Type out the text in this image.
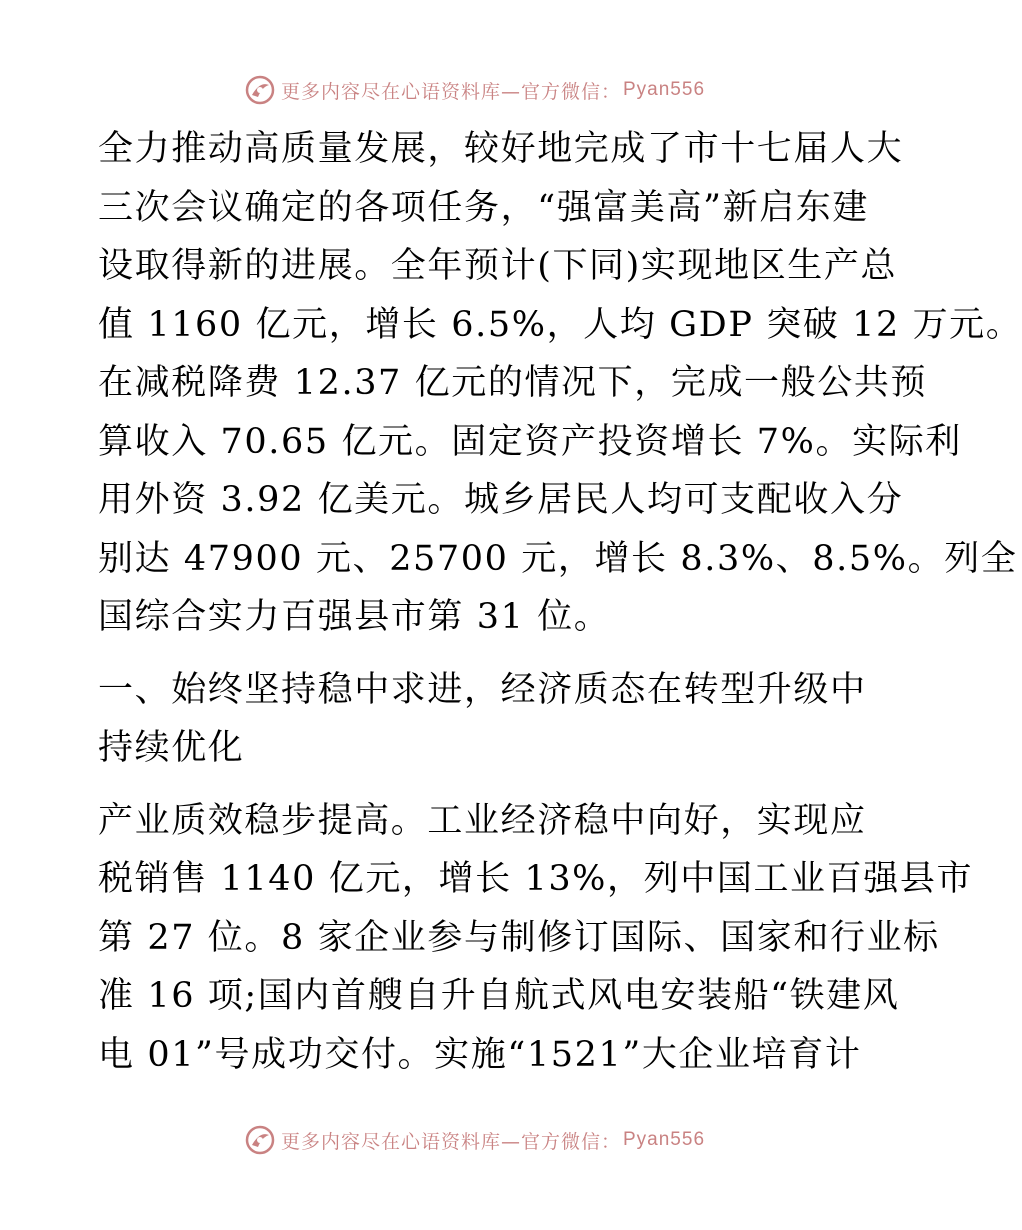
更多内容尽在心语资料库—官方微信： Pyan556
全力推动高质量发展，较好地完成了市十七届人大
三次会议确定的各项任务，“强富美高”新启东建
设取得新的进展。全年预计(下同)实现地区生产总
值 1160 亿元，增长 6.5%，人均 GDP 突破 12 万元。
在减税降费 12.37 亿元的情况下，完成一般公共预
算收入 70.65 亿元。固定资产投资增长 7%。实际利
用外资 3.92 亿美元。城乡居民人均可支配收入分
别达 47900 元、25700 元，增长 8.3%、8.5%。列全
国综合实力百强县市第 31 位。
一、始终坚持稳中求进，经济质态在转型升级中
持续优化
产业质效稳步提高。工业经济稳中向好，实现应
税销售 1140 亿元，增长 13%，列中国工业百强县市
第 27 位。8 家企业参与制修订国际、国家和行业标
准 16 项;国内首艘自升自航式风电安装船“铁建风
电 01”号成功交付。实施“1521”大企业培育计
更多内容尽在心语资料库—官方微信： Pyan556
